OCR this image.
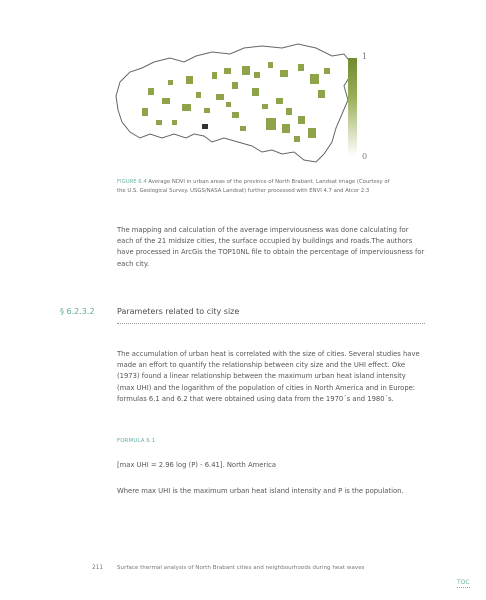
1
0
FIGURE 6.4 Average NDVI in urban areas of the province of North Brabant. Landsat image (Courtesy of the U.S. Geological Survey. USGS/NASA Landsat) further processed with ENVI 4.7 and Atcor 2.3
The mapping and calculation of the average imperviousness was done calculating for each of the 21 midsize cities, the surface occupied by buildings and roads.The authors have processed in ArcGis the TOP10NL file to obtain the percentage of imperviousness for each city.
§ 6.2.3.2	Parameters related to city size
The accumulation of urban heat is correlated with the size of cities. Several studies have made an effort to quantify the relationship between city size and the UHI effect. Oke (1973) found a linear relationship between the maximum urban heat island intensity (max UHI) and the logarithm of the population of cities in North America and in Europe: formulas 6.1 and 6.2 that were obtained using data from the 1970´s and 1980´s.
FORMULA 6.1
[max UHI = 2.96 log (P) - 6.41]. North America
Where max UHI is the maximum urban heat island intensity and P is the population.
211 Surface thermal analysis of North Brabant cities and neighbourhoods during heat waves
TOC
